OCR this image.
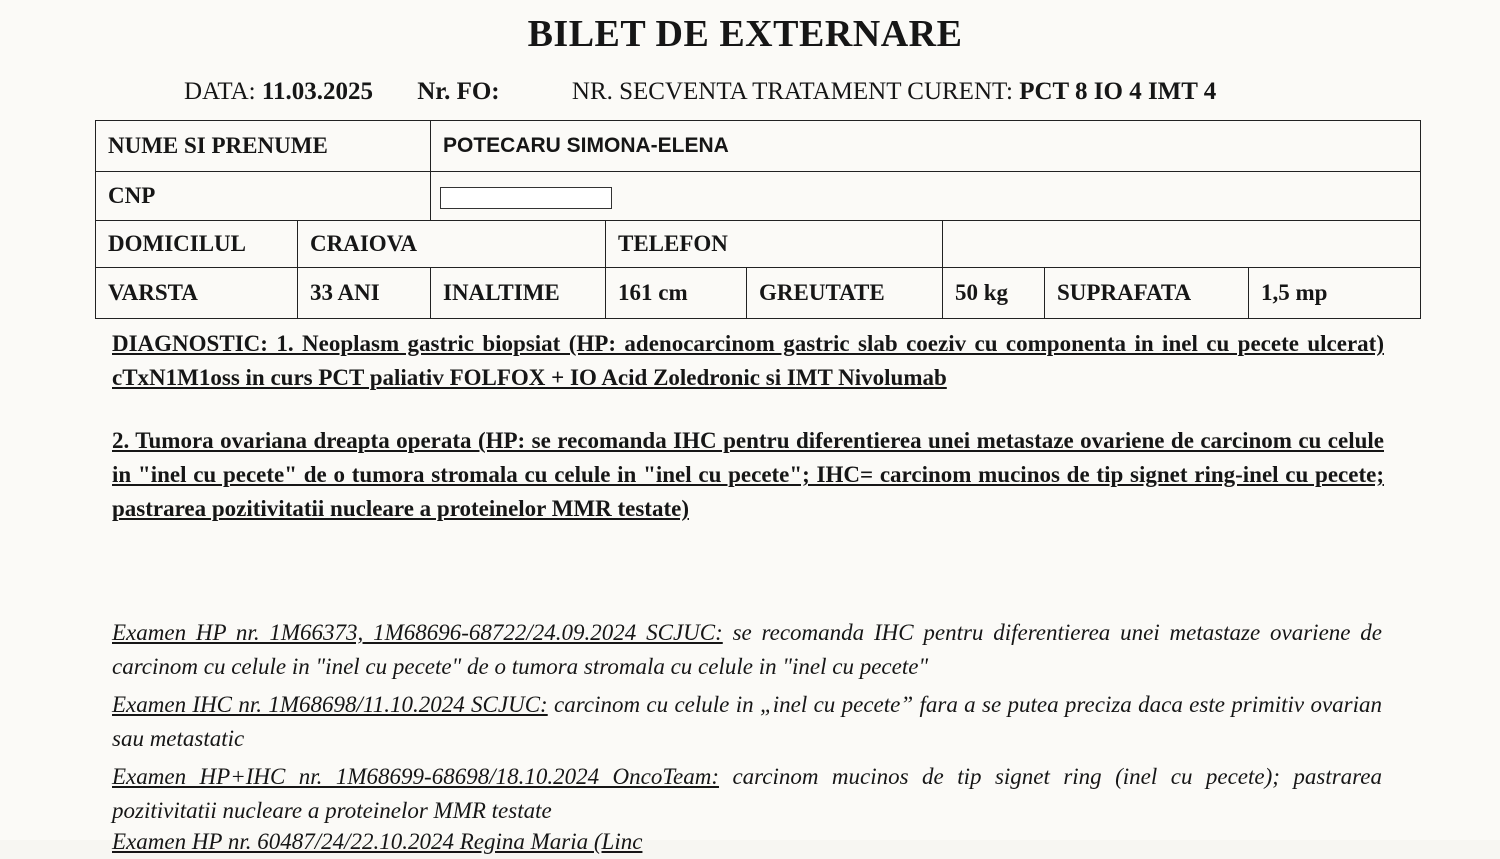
BILET DE EXTERNARE
DATA: 11.03.2025 Nr. FO:	NR. SECVENTA TRATAMENT CURENT: PCT 8 IO 4 IMT 4
NUME SI PRENUME		POTECARU SIMONA-ELENA					
CNP							
DOMICILUL	CRAIOVA		TELEFON				
VARSTA	33 ANI	INALTIME	161 cm	GREUTATE	50 kg	SUPRAFATA	1,5 mp
DIAGNOSTIC: 1. Neoplasm gastric biopsiat (HP: adenocarcinom gastric slab coeziv cu componenta in inel cu pecete ulcerat) cTxN1M1oss in curs PCT paliativ FOLFOX + IO Acid Zoledronic si IMT Nivolumab
2. Tumora ovariana dreapta operata (HP: se recomanda IHC pentru diferentierea unei metastaze ovariene de carcinom cu celule in "inel cu pecete" de o tumora stromala cu celule in "inel cu pecete"; IHC= carcinom mucinos de tip signet ring-inel cu pecete; pastrarea pozitivitatii nucleare a proteinelor MMR testate)
Examen HP nr. 1M66373, 1M68696-68722/24.09.2024 SCJUC: se recomanda IHC pentru diferentierea unei metastaze ovariene de carcinom cu celule in "inel cu pecete" de o tumora stromala cu celule in "inel cu pecete"
Examen IHC nr. 1M68698/11.10.2024 SCJUC: carcinom cu celule in „inel cu pecete” fara a se putea preciza daca este primitiv ovarian sau metastatic
Examen HP+IHC nr. 1M68699-68698/18.10.2024 OncoTeam: carcinom mucinos de tip signet ring (inel cu pecete); pastrarea pozitivitatii nucleare a proteinelor MMR testate
Examen HP nr. 60487/24/22.10.2024 Regina Maria (Linc
